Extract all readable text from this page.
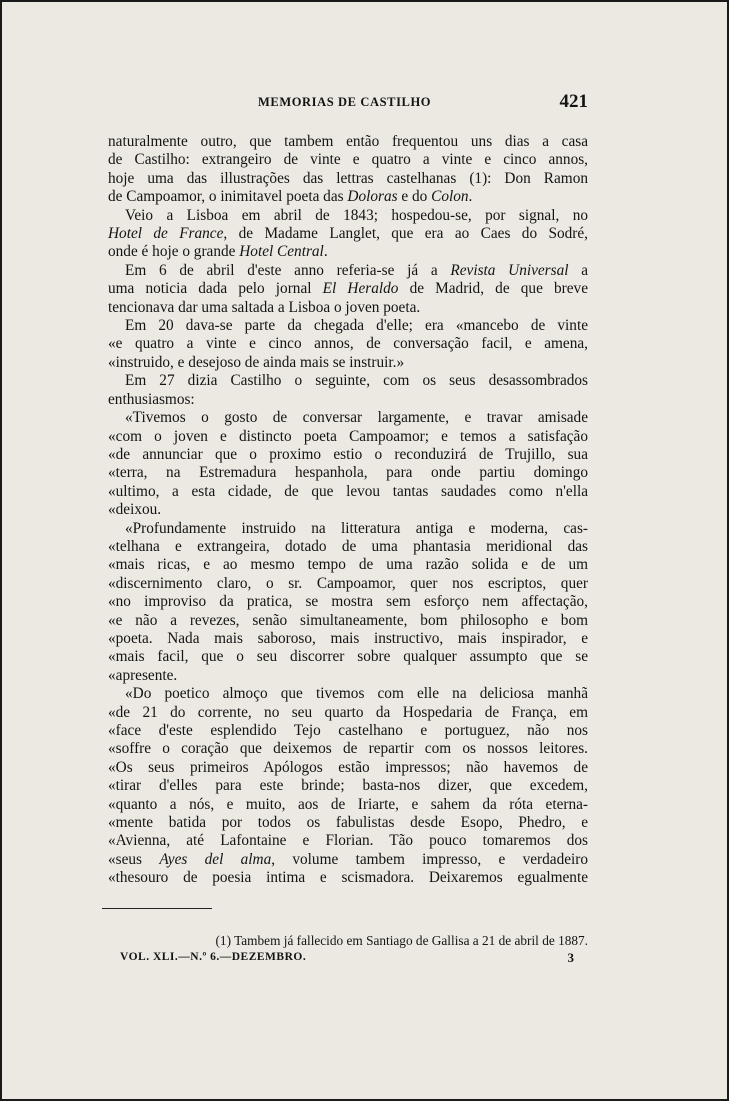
MEMORIAS DE CASTILHO	421
naturalmente outro, que tambem então frequentou uns dias a casa
de Castilho: extrangeiro de vinte e quatro a vinte e cinco annos,
hoje uma das illustrações das lettras castelhanas (1): Don Ramon
de Campoamor, o inimitavel poeta das Doloras e do Colon.
Veio a Lisboa em abril de 1843; hospedou-se, por signal, no
Hotel de France, de Madame Langlet, que era ao Caes do Sodré,
onde é hoje o grande Hotel Central.
Em 6 de abril d'este anno referia-se já a Revista Universal a
uma noticia dada pelo jornal El Heraldo de Madrid, de que breve
tencionava dar uma saltada a Lisboa o joven poeta.
Em 20 dava-se parte da chegada d'elle; era «mancebo de vinte
«e quatro a vinte e cinco annos, de conversação facil, e amena,
«instruido, e desejoso de ainda mais se instruir.»
Em 27 dizia Castilho o seguinte, com os seus desassombrados
enthusiasmos:
«Tivemos o gosto de conversar largamente, e travar amisade
«com o joven e distincto poeta Campoamor; e temos a satisfação
«de annunciar que o proximo estio o reconduzirá de Trujillo, sua
«terra, na Estremadura hespanhola, para onde partiu domingo
«ultimo, a esta cidade, de que levou tantas saudades como n'ella
«deixou.
«Profundamente instruido na litteratura antiga e moderna, cas-
«telhana e extrangeira, dotado de uma phantasia meridional das
«mais ricas, e ao mesmo tempo de uma razão solida e de um
«discernimento claro, o sr. Campoamor, quer nos escriptos, quer
«no improviso da pratica, se mostra sem esforço nem affectação,
«e não a revezes, senão simultaneamente, bom philosopho e bom
«poeta. Nada mais saboroso, mais instructivo, mais inspirador, e
«mais facil, que o seu discorrer sobre qualquer assumpto que se
«apresente.
«Do poetico almoço que tivemos com elle na deliciosa manhã
«de 21 do corrente, no seu quarto da Hospedaria de França, em
«face d'este esplendido Tejo castelhano e portuguez, não nos
«soffre o coração que deixemos de repartir com os nossos leitores.
«Os seus primeiros Apólogos estão impressos; não havemos de
«tirar d'elles para este brinde; basta-nos dizer, que excedem,
«quanto a nós, e muito, aos de Iriarte, e sahem da róta eterna-
«mente batida por todos os fabulistas desde Esopo, Phedro, e
«Avienna, até Lafontaine e Florian. Tão pouco tomaremos dos
«seus Ayes del alma, volume tambem impresso, e verdadeiro
«thesouro de poesia intima e scismadora. Deixaremos egualmente
(1) Tambem já fallecido em Santiago de Gallisa a 21 de abril de 1887.
VOL. XLI.—N.º 6.—DEZEMBRO.	3
